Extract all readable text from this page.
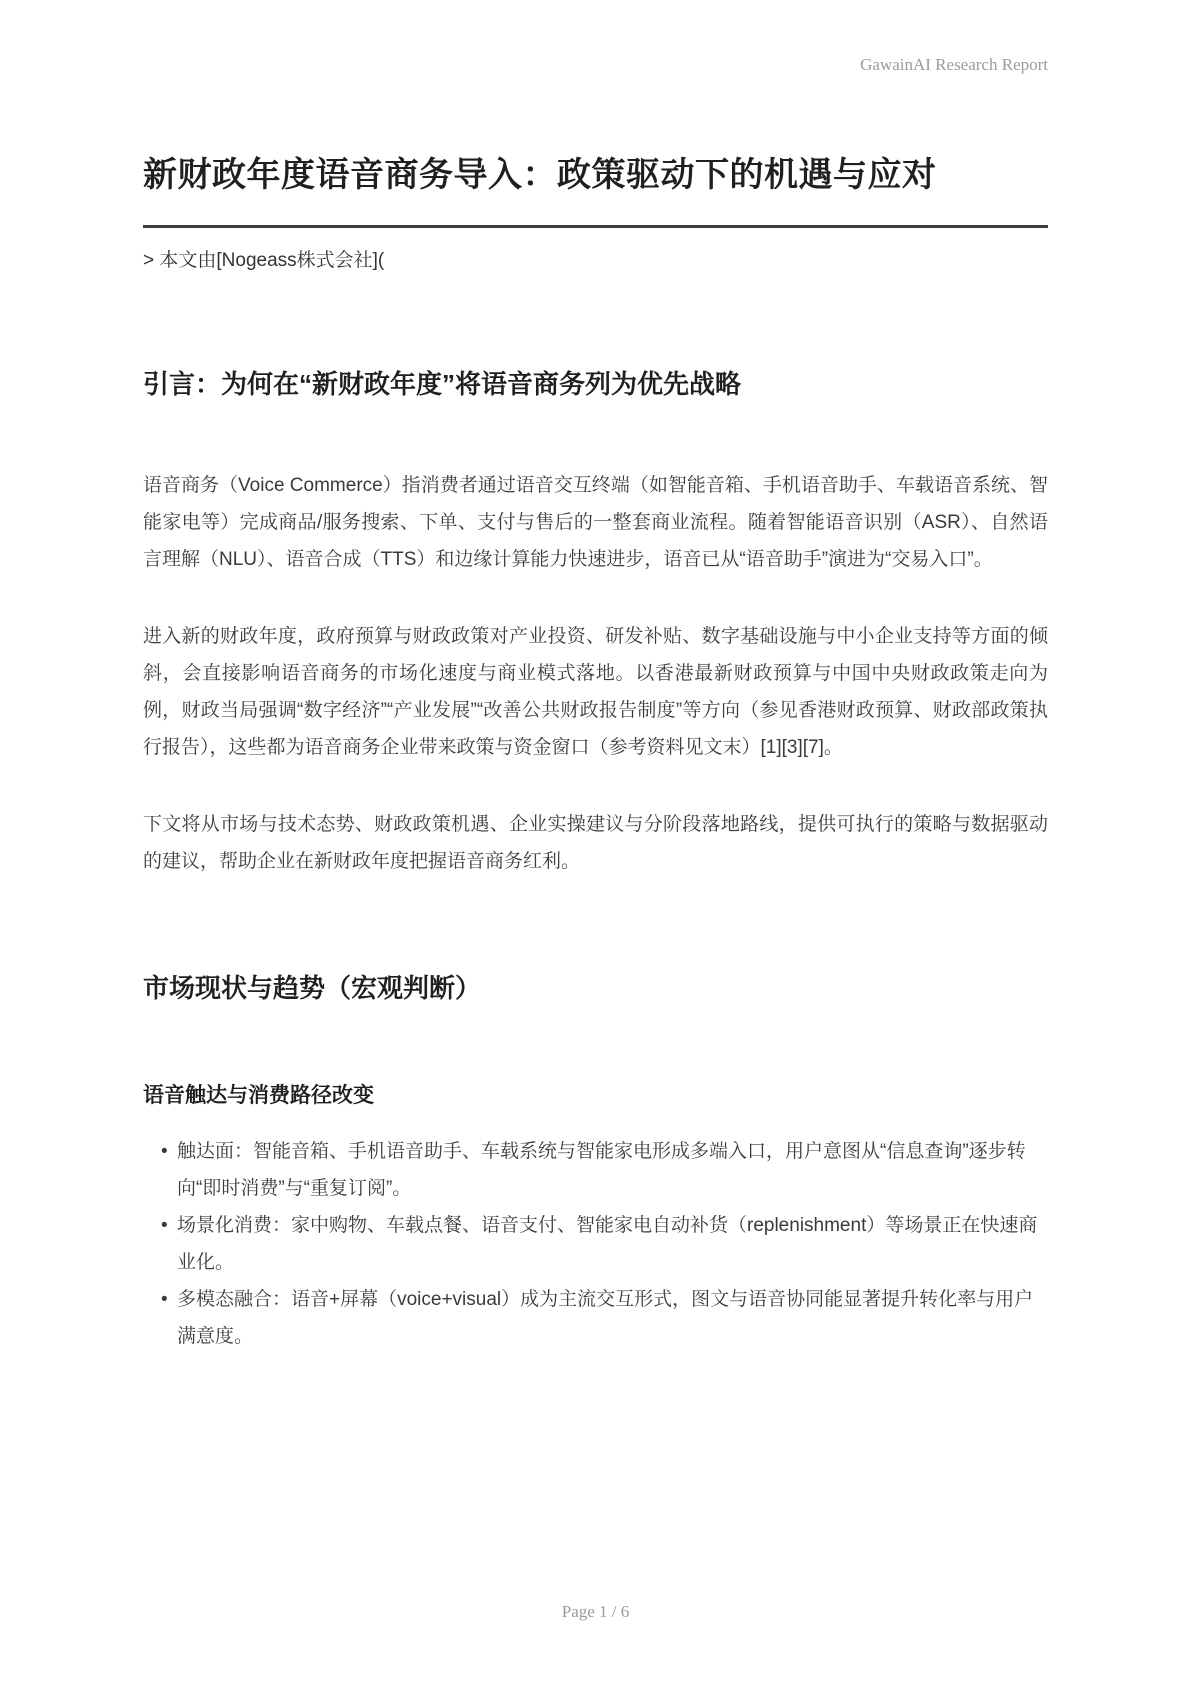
GawainAI Research Report
新财政年度语音商务导入：政策驱动下的机遇与应对

> 本文由[Nogeass株式会社](

引言：为何在“新财政年度”将语音商务列为优先战略

语音商务（Voice Commerce）指消费者通过语音交互终端（如智能音箱、手机语音助手、车载语音系统、智能家电等）完成商品/服务搜索、下单、支付与售后的一整套商业流程。随着智能语音识别（ASR）、自然语言理解（NLU）、语音合成（TTS）和边缘计算能力快速进步，语音已从“语音助手”演进为“交易入口”。

进入新的财政年度，政府预算与财政政策对产业投资、研发补贴、数字基础设施与中小企业支持等方面的倾斜，会直接影响语音商务的市场化速度与商业模式落地。以香港最新财政预算与中国中央财政政策走向为例，财政当局强调“数字经济”“产业发展”“改善公共财政报告制度”等方向（参见香港财政预算、财政部政策执行报告），这些都为语音商务企业带来政策与资金窗口（参考资料见文末）[1][3][7]。

下文将从市场与技术态势、财政政策机遇、企业实操建议与分阶段落地路线，提供可执行的策略与数据驱动的建议，帮助企业在新财政年度把握语音商务红利。

市场现状与趋势（宏观判断）
语音触达与消费路径改变
• 触达面：智能音箱、手机语音助手、车载系统与智能家电形成多端入口，用户意图从“信息查询”逐步转向“即时消费”与“重复订阅”。
• 场景化消费：家中购物、车载点餐、语音支付、智能家电自动补货（replenishment）等场景正在快速商业化。
• 多模态融合：语音+屏幕（voice+visual）成为主流交互形式，图文与语音协同能显著提升转化率与用户满意度。
Page 1 / 6
